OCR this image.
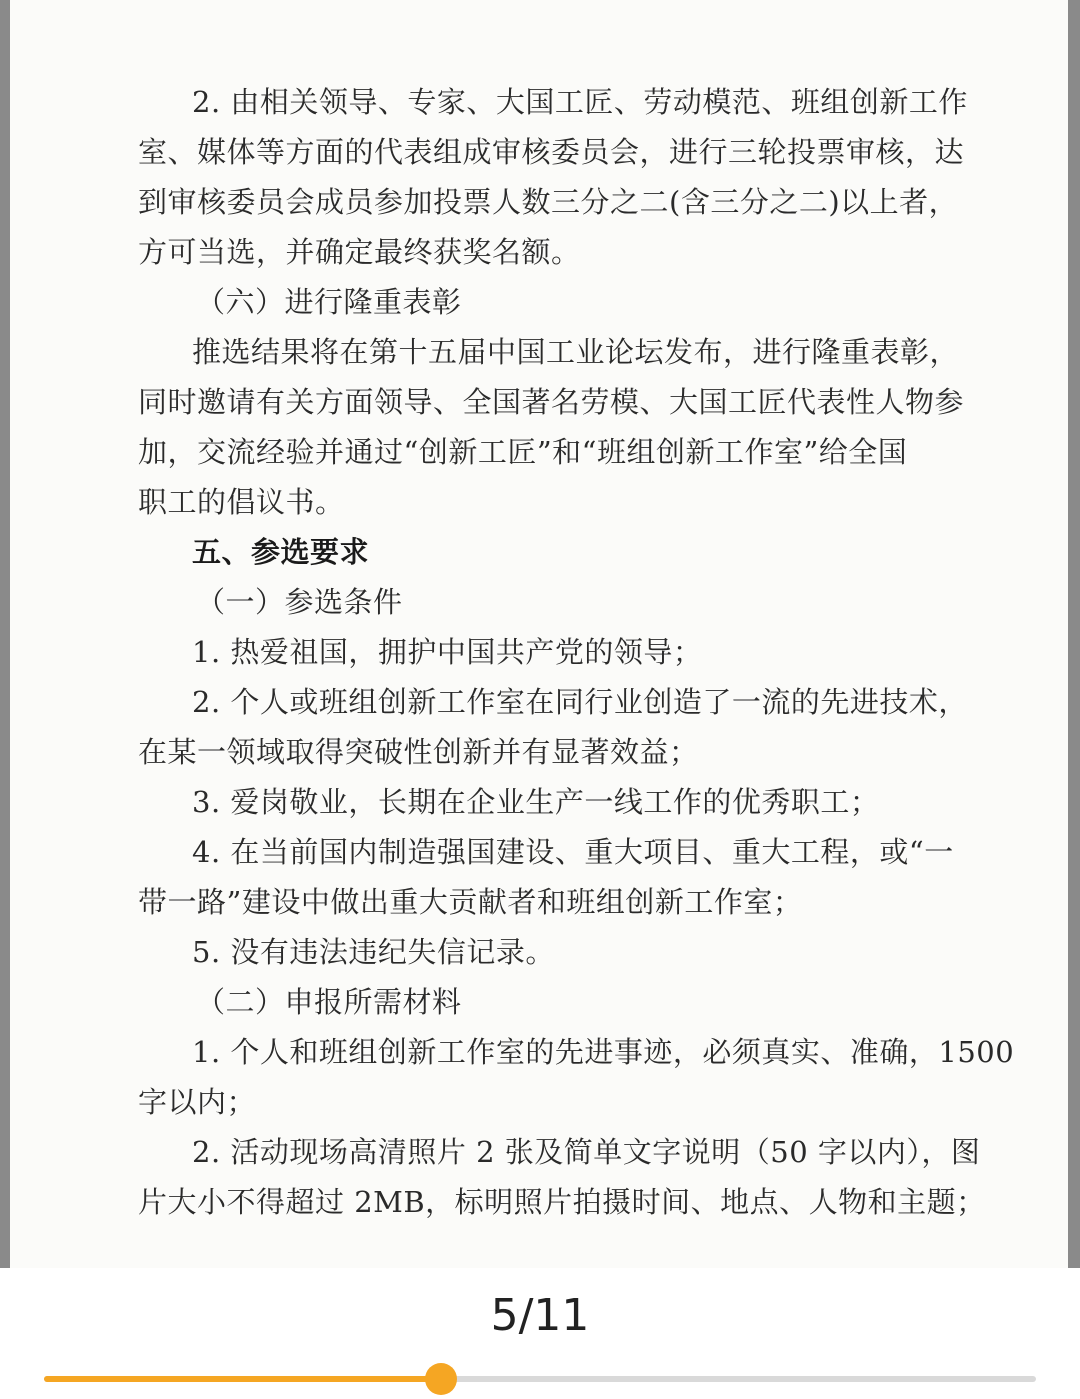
2. 由相关领导、专家、大国工匠、劳动模范、班组创新工作
室、媒体等方面的代表组成审核委员会，进行三轮投票审核，达
到审核委员会成员参加投票人数三分之二(含三分之二)以上者，
方可当选，并确定最终获奖名额。
（六）进行隆重表彰
推选结果将在第十五届中国工业论坛发布，进行隆重表彰，
同时邀请有关方面领导、全国著名劳模、大国工匠代表性人物参
加，交流经验并通过“创新工匠”和“班组创新工作室”给全国
职工的倡议书。
五、参选要求
（一）参选条件
1. 热爱祖国，拥护中国共产党的领导；
2. 个人或班组创新工作室在同行业创造了一流的先进技术，
在某一领域取得突破性创新并有显著效益；
3. 爱岗敬业，长期在企业生产一线工作的优秀职工；
4. 在当前国内制造强国建设、重大项目、重大工程，或“一
带一路”建设中做出重大贡献者和班组创新工作室；
5. 没有违法违纪失信记录。
（二）申报所需材料
1. 个人和班组创新工作室的先进事迹，必须真实、准确，1500
字以内；
2. 活动现场高清照片 2 张及简单文字说明（50 字以内），图
片大小不得超过 2MB，标明照片拍摄时间、地点、人物和主题；
5/11
